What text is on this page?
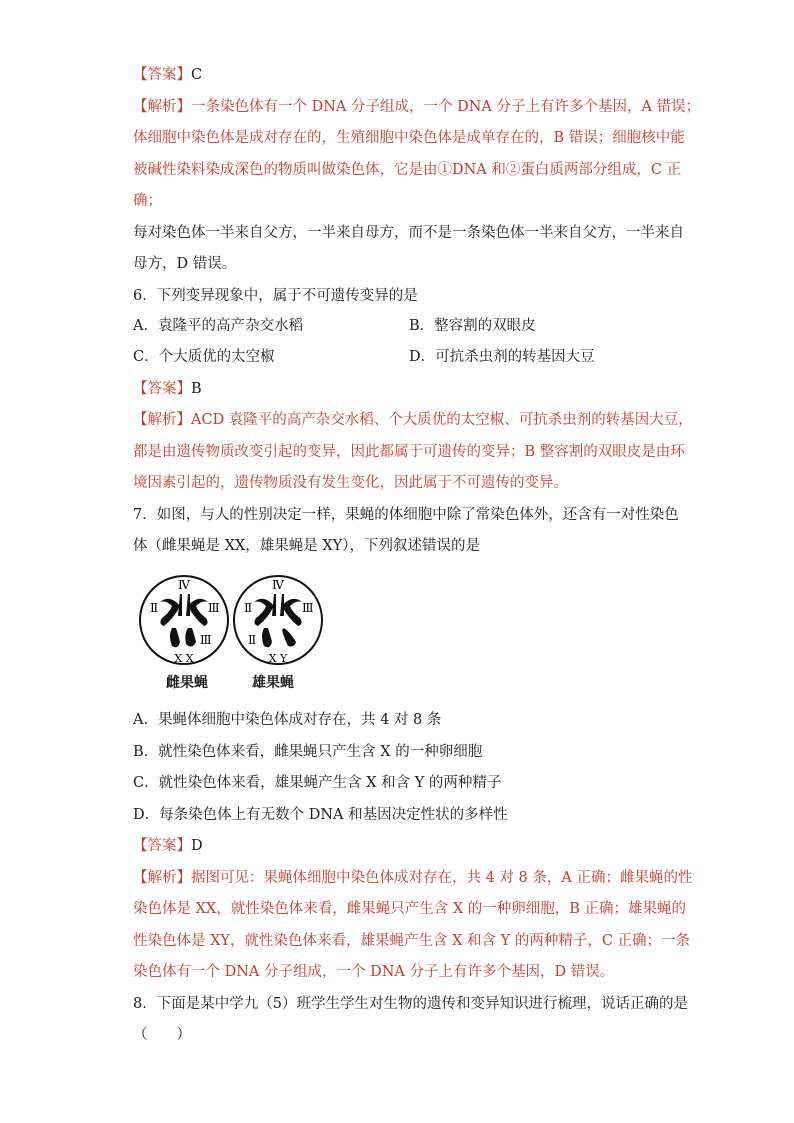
【答案】C
【解析】一条染色体有一个 DNA 分子组成，一个 DNA 分子上有许多个基因，A 错误；
体细胞中染色体是成对存在的，生殖细胞中染色体是成单存在的，B 错误；细胞核中能
被碱性染料染成深色的物质叫做染色体，它是由①DNA 和②蛋白质两部分组成，C 正
确；
每对染色体一半来自父方，一半来自母方，而不是一条染色体一半来自父方，一半来自
母方，D 错误。
6．下列变异现象中，属于不可遗传变异的是
A．袁隆平的高产杂交水稻	B．整容割的双眼皮
C．个大质优的太空椒	D．可抗杀虫剂的转基因大豆
【答案】B
【解析】ACD 袁隆平的高产杂交水稻、个大质优的太空椒、可抗杀虫剂的转基因大豆，
都是由遗传物质改变引起的变异，因此都属于可遗传的变异；B 整容割的双眼皮是由环
境因素引起的，遗传物质没有发生变化，因此属于不可遗传的变异。
7．如图，与人的性别决定一样，果蝇的体细胞中除了常染色体外，还含有一对性染色
体（雌果蝇是 XX，雄果蝇是 XY），下列叙述错误的是
Ⅳ
Ⅱ	Ⅲ
Ⅲ
X X
Ⅳ
Ⅱ	Ⅲ
Ⅱ
X Y
雌果蝇	雄果蝇
A．果蝇体细胞中染色体成对存在，共 4 对 8 条
B．就性染色体来看，雌果蝇只产生含 X 的一种卵细胞
C．就性染色体来看，雄果蝇产生含 X 和含 Y 的两种精子
D．每条染色体上有无数个 DNA 和基因决定性状的多样性
【答案】D
【解析】据图可见：果蝇体细胞中染色体成对存在，共 4 对 8 条，A 正确；雌果蝇的性
染色体是 XX，就性染色体来看，雌果蝇只产生含 X 的一种卵细胞，B 正确；雄果蝇的
性染色体是 XY，就性染色体来看，雄果蝇产生含 X 和含 Y 的两种精子，C 正确；一条
染色体有一个 DNA 分子组成，一个 DNA 分子上有许多个基因，D 错误。
8．下面是某中学九（5）班学生学生对生物的遗传和变异知识进行梳理，说话正确的是
（　　）
